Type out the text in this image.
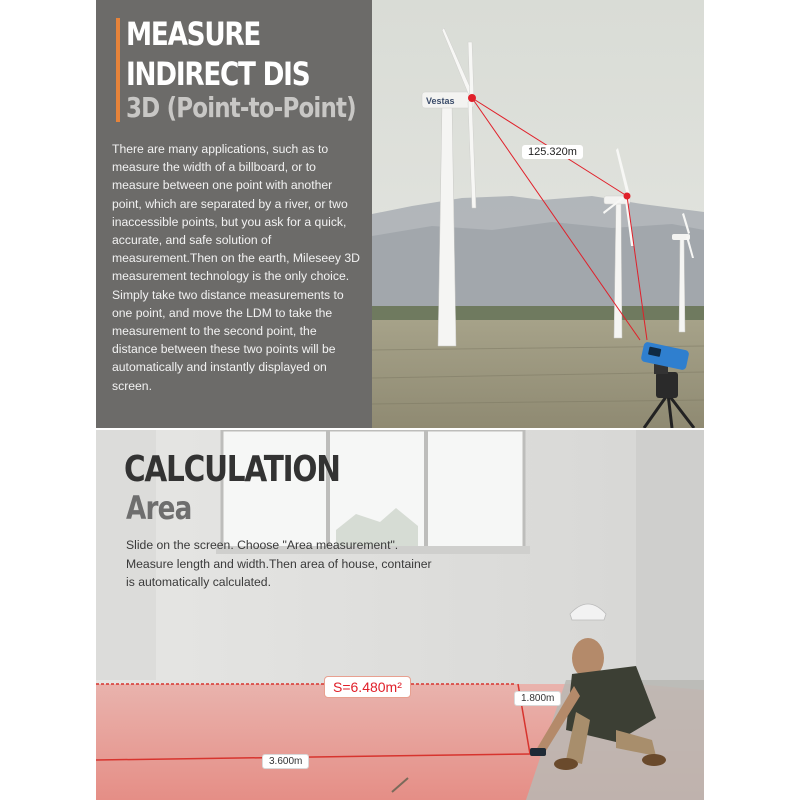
MEASURE
INDIRECT DIS
3D (Point-to-Point)
There are many applications, such as to measure the width of a billboard, or to measure between one point with another point, which are separated by a river, or two inaccessible points, but you ask for a quick, accurate, and safe solution of measurement.Then on the earth, Mileseey 3D measurement technology is the only choice. Simply take two distance measurements to one point, and move the LDM to take the measurement to the second point, the distance between these two points will be automatically and instantly displayed on screen.
Vestas
125.320m
CALCULATION
Area
Slide on the screen. Choose "Area measurement". Measure length and width.Then area of house, container is automatically calculated.
S=6.480m²
1.800m
3.600m
